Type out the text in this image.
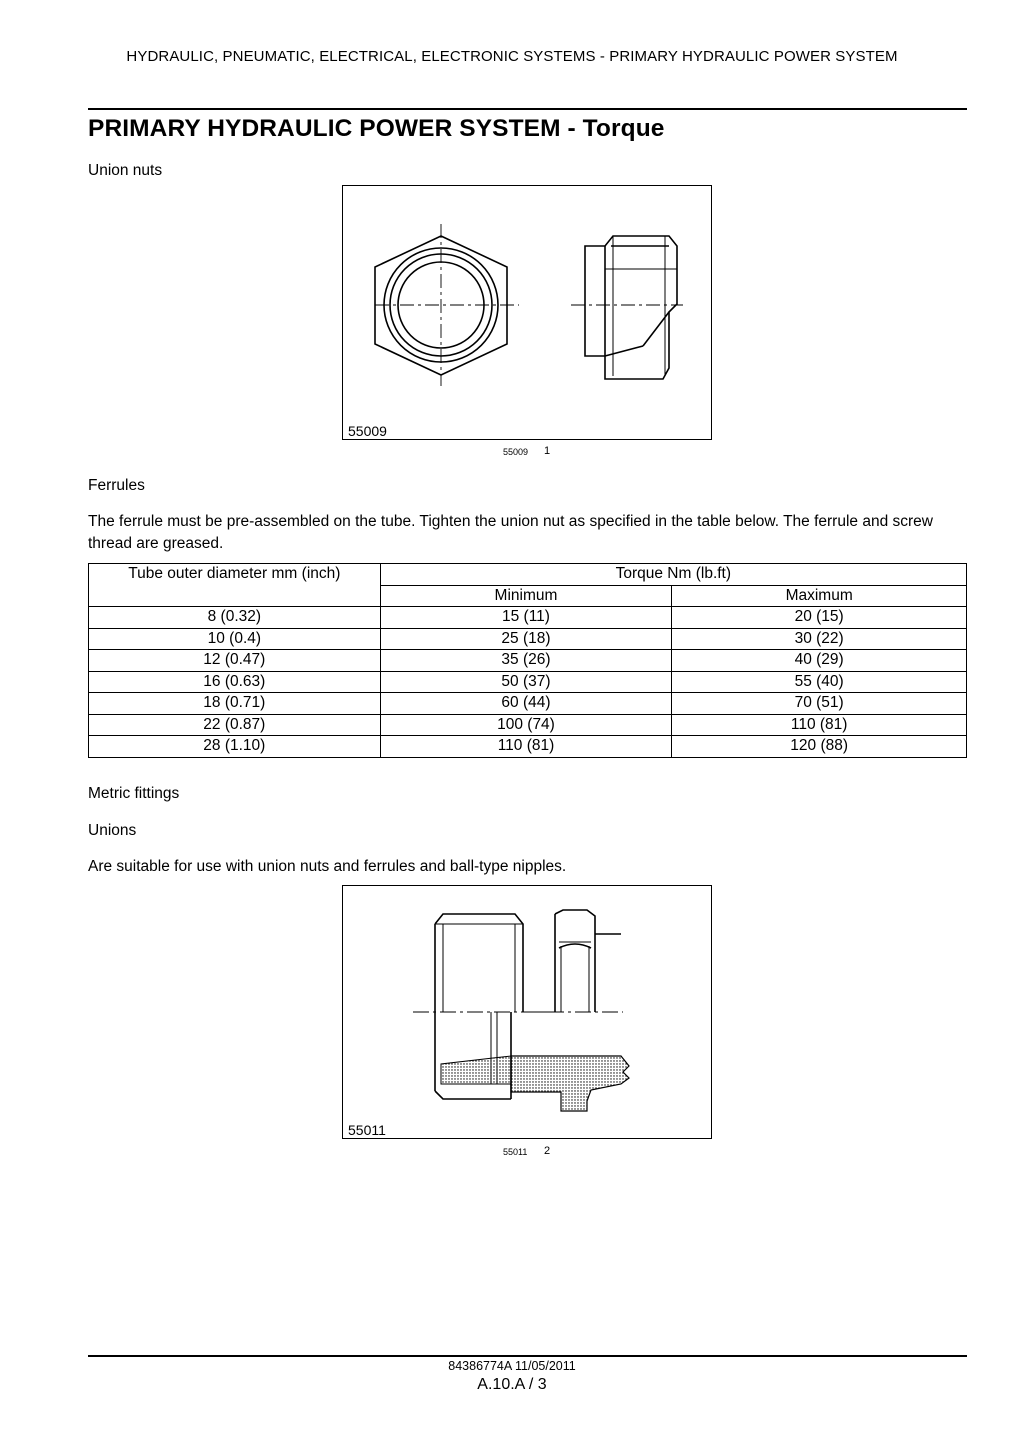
HYDRAULIC, PNEUMATIC, ELECTRICAL, ELECTRONIC SYSTEMS - PRIMARY HYDRAULIC POWER SYSTEM
PRIMARY HYDRAULIC POWER SYSTEM - Torque

Union nuts

55009
55009 1

Ferrules

The ferrule must be pre-assembled on the tube. Tighten the union nut as specified in the table below. The ferrule and screw thread are greased.

Tube outer diameter mm (inch)	Torque Nm (lb.ft)	
	Minimum	Maximum
8 (0.32)	15 (11)	20 (15)
10 (0.4)	25 (18)	30 (22)
12 (0.47)	35 (26)	40 (29)
16 (0.63)	50 (37)	55 (40)
18 (0.71)	60 (44)	70 (51)
22 (0.87)	100 (74)	110 (81)
28 (1.10)	110 (81)	120 (88)

Metric fittings

Unions

Are suitable for use with union nuts and ferrules and ball-type nipples.

55011
55011 2
84386774A 11/05/2011
A.10.A / 3
